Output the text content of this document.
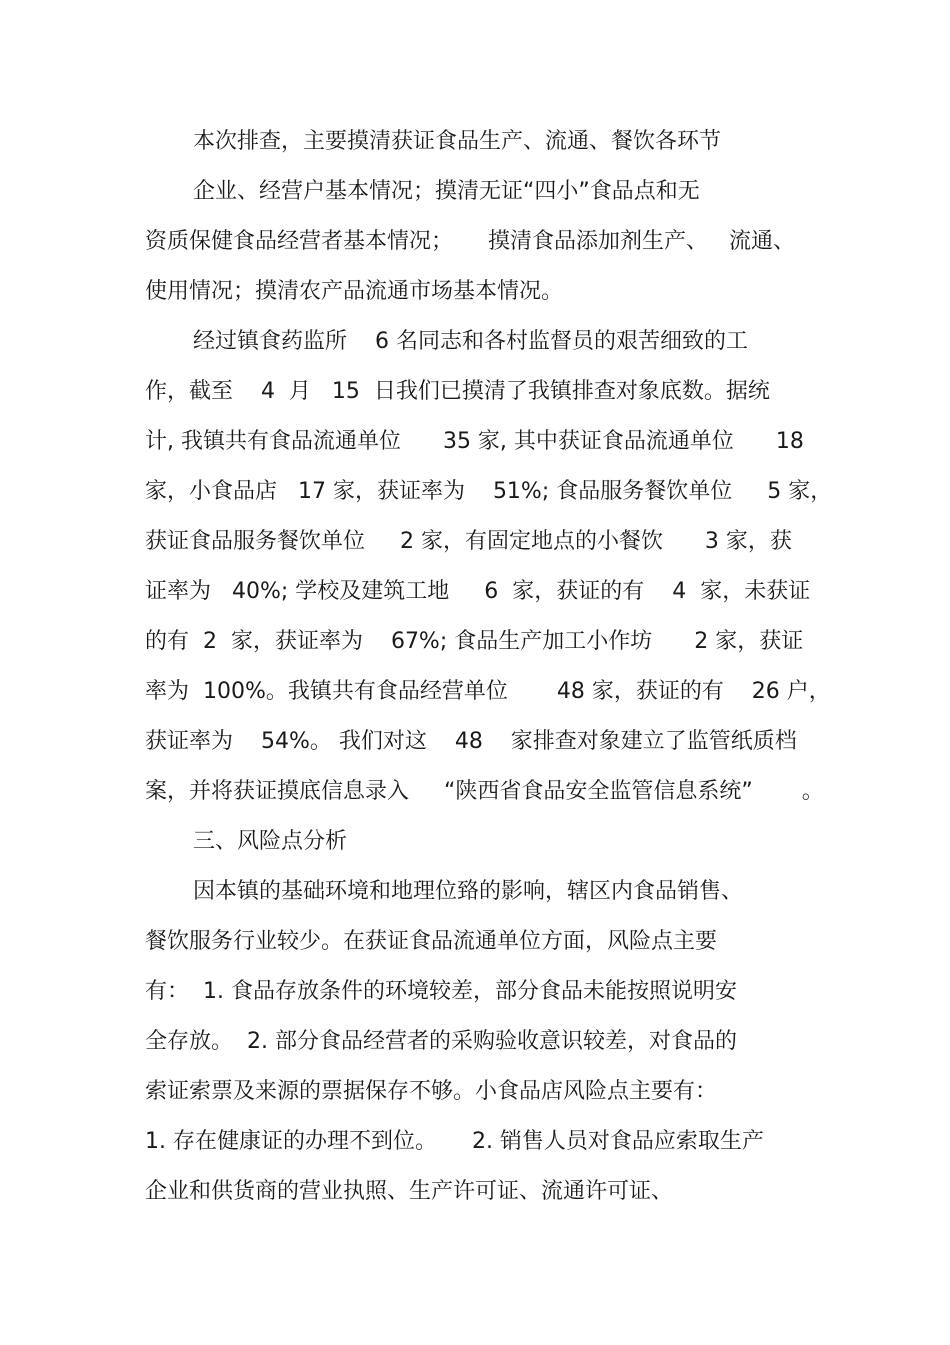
本次排查，主要摸清获证食品生产、流通、餐饮各环节
企业、经营户基本情况；摸清无证“四小”食品点和无
资质保健食品经营者基本情况；     摸清食品添加剂生产、   流通、
使用情况；摸清农产品流通市场基本情况。
经过镇食药监所    6 名同志和各村监督员的艰苦细致的工
作，截至    4  月   15  日我们已摸清了我镇排查对象底数。据统
计, 我镇共有食品流通单位      35 家, 其中获证食品流通单位      18
家，小食品店   17 家，获证率为    51%; 食品服务餐饮单位     5 家，
获证食品服务餐饮单位     2 家，有固定地点的小餐饮      3 家，获
证率为   40%; 学校及建筑工地     6  家，获证的有    4  家，未获证
的有  2  家，获证率为    67%; 食品生产加工小作坊      2 家，获证
率为  100%。我镇共有食品经营单位       48 家，获证的有    26 户，
获证率为    54%。 我们对这    48    家排查对象建立了监管纸质档
案，并将获证摸底信息录入     “陕西省食品安全监管信息系统”       。
三、风险点分析
因本镇的基础环境和地理位臵的影响，辖区内食品销售、
餐饮服务行业较少。在获证食品流通单位方面，风险点主要
有：  1. 食品存放条件的环境较差，部分食品未能按照说明安
全存放。  2. 部分食品经营者的采购验收意识较差，对食品的
索证索票及来源的票据保存不够。小食品店风险点主要有：
1. 存在健康证的办理不到位。     2. 销售人员对食品应索取生产
企业和供货商的营业执照、生产许可证、流通许可证、
